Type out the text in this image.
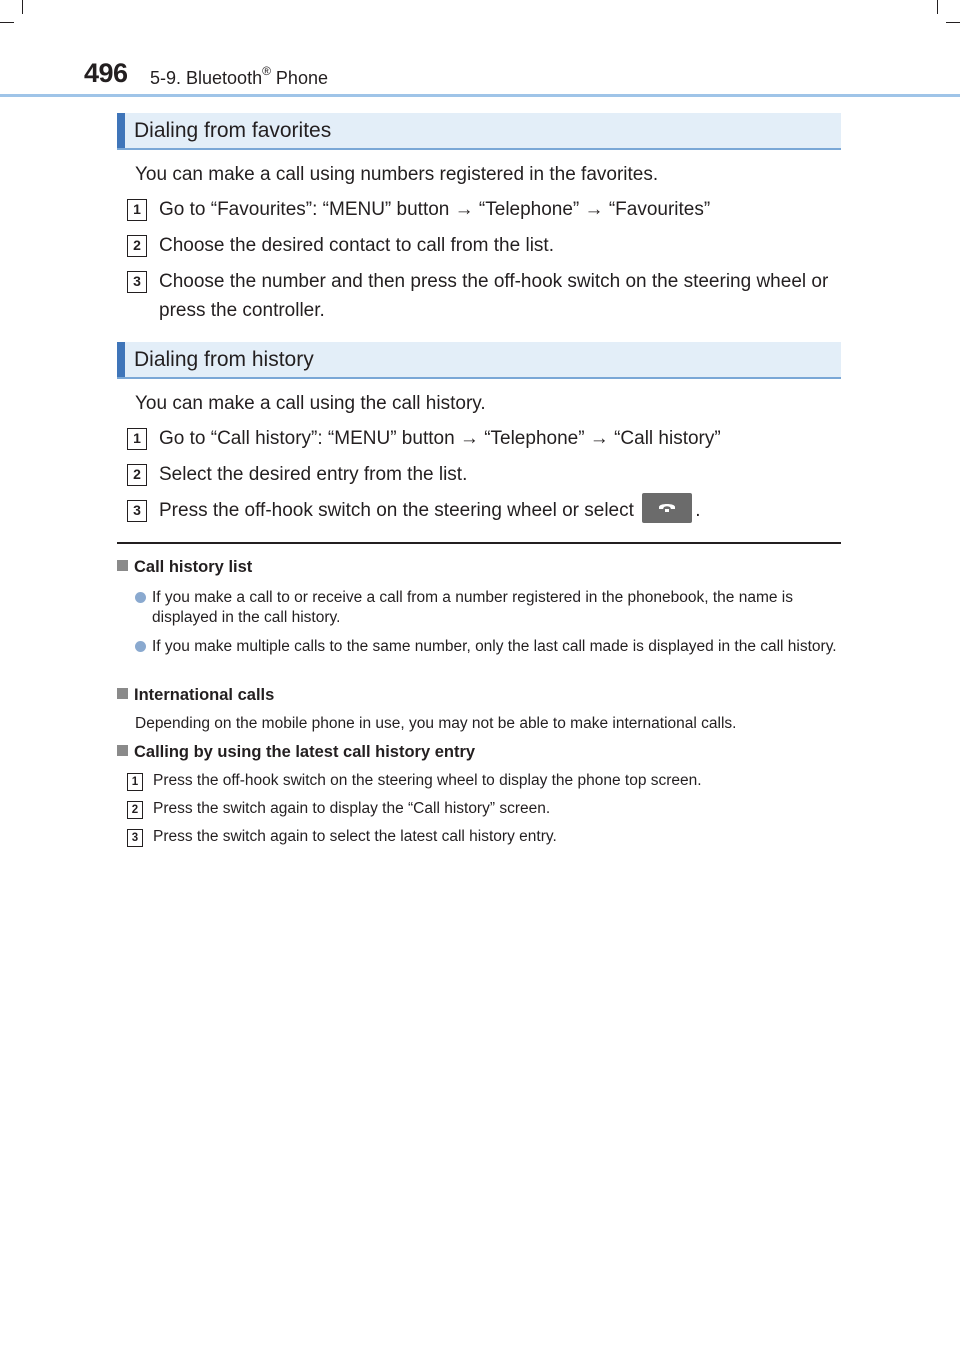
496 5-9. Bluetooth® Phone
Dialing from favorites
You can make a call using numbers registered in the favorites.
1 Go to “Favourites”: “MENU” button → “Telephone” → “Favourites”
2 Choose the desired contact to call from the list.
3 Choose the number and then press the off-hook switch on the steering wheel or press the controller.
Dialing from history
You can make a call using the call history.
1 Go to “Call history”: “MENU” button → “Telephone” → “Call history”
2 Select the desired entry from the list.
3 Press the off-hook switch on the steering wheel or select	.
Call history list
If you make a call to or receive a call from a number registered in the phonebook, the name is displayed in the call history.
If you make multiple calls to the same number, only the last call made is displayed in the call history.
International calls
Depending on the mobile phone in use, you may not be able to make international calls.
Calling by using the latest call history entry
1 Press the off-hook switch on the steering wheel to display the phone top screen.
2 Press the switch again to display the “Call history” screen.
3 Press the switch again to select the latest call history entry.
